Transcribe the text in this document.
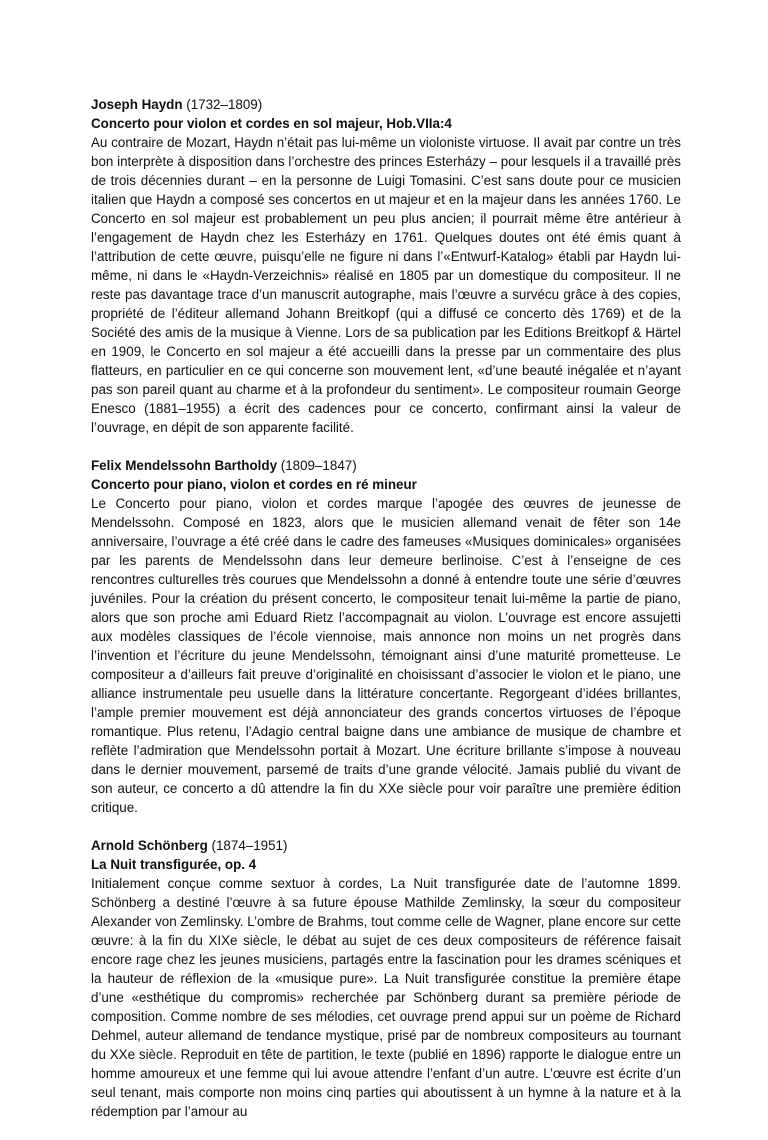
Joseph Haydn (1732–1809)

Concerto pour violon et cordes en sol majeur, Hob.VIIa:4

Au contraire de Mozart, Haydn n’était pas lui-même un violoniste virtuose. Il avait par contre un très bon interprète à disposition dans l’orchestre des princes Esterházy – pour lesquels il a travaillé près de trois décennies durant – en la personne de Luigi Tomasini. C’est sans doute pour ce musicien italien que Haydn a composé ses concertos en ut majeur et en la majeur dans les années 1760. Le Concerto en sol majeur est probablement un peu plus ancien; il pourrait même être antérieur à l’engagement de Haydn chez les Esterházy en 1761. Quelques doutes ont été émis quant à l’attribution de cette œuvre, puisqu’elle ne figure ni dans l’«Entwurf-Katalog» établi par Haydn lui-même, ni dans le «Haydn-Verzeichnis» réalisé en 1805 par un domestique du compositeur. Il ne reste pas davantage trace d’un manuscrit autographe, mais l’œuvre a survécu grâce à des copies, propriété de l’éditeur allemand Johann Breitkopf (qui a diffusé ce concerto dès 1769) et de la Société des amis de la musique à Vienne. Lors de sa publication par les Editions Breitkopf & Härtel en 1909, le Concerto en sol majeur a été accueilli dans la presse par un commentaire des plus flatteurs, en particulier en ce qui concerne son mouvement lent, «d’une beauté inégalée et n’ayant pas son pareil quant au charme et à la profondeur du sentiment». Le compositeur roumain George Enesco (1881–1955) a écrit des cadences pour ce concerto, confirmant ainsi la valeur de l’ouvrage, en dépit de son apparente facilité.

Felix Mendelssohn Bartholdy (1809–1847)

Concerto pour piano, violon et cordes en ré mineur

Le Concerto pour piano, violon et cordes marque l’apogée des œuvres de jeunesse de Mendelssohn. Composé en 1823, alors que le musicien allemand venait de fêter son 14e anniversaire, l’ouvrage a été créé dans le cadre des fameuses «Musiques dominicales» organisées par les parents de Mendelssohn dans leur demeure berlinoise. C’est à l’enseigne de ces rencontres culturelles très courues que Mendelssohn a donné à entendre toute une série d’œuvres juvéniles. Pour la création du présent concerto, le compositeur tenait lui-même la partie de piano, alors que son proche ami Eduard Rietz l’accompagnait au violon. L’ouvrage est encore assujetti aux modèles classiques de l’école viennoise, mais annonce non moins un net progrès dans l’invention et l’écriture du jeune Mendelssohn, témoignant ainsi d’une maturité prometteuse. Le compositeur a d’ailleurs fait preuve d’originalité en choisissant d’associer le violon et le piano, une alliance instrumentale peu usuelle dans la littérature concertante. Regorgeant d’idées brillantes, l’ample premier mouvement est déjà annonciateur des grands concertos virtuoses de l’époque romantique. Plus retenu, l’Adagio central baigne dans une ambiance de musique de chambre et reflète l’admiration que Mendelssohn portait à Mozart. Une écriture brillante s’impose à nouveau dans le dernier mouvement, parsemé de traits d’une grande vélocité. Jamais publié du vivant de son auteur, ce concerto a dû attendre la fin du XXe siècle pour voir paraître une première édition critique.

Arnold Schönberg (1874–1951)

La Nuit transfigurée, op. 4

Initialement conçue comme sextuor à cordes, La Nuit transfigurée date de l’automne 1899. Schönberg a destiné l’œuvre à sa future épouse Mathilde Zemlinsky, la sœur du compositeur Alexander von Zemlinsky. L’ombre de Brahms, tout comme celle de Wagner, plane encore sur cette œuvre: à la fin du XIXe siècle, le débat au sujet de ces deux compositeurs de référence faisait encore rage chez les jeunes musiciens, partagés entre la fascination pour les drames scéniques et la hauteur de réflexion de la «musique pure». La Nuit transfigurée constitue la première étape d’une «esthétique du compromis» recherchée par Schönberg durant sa première période de composition. Comme nombre de ses mélodies, cet ouvrage prend appui sur un poème de Richard Dehmel, auteur allemand de tendance mystique, prisé par de nombreux compositeurs au tournant du XXe siècle. Reproduit en tête de partition, le texte (publié en 1896) rapporte le dialogue entre un homme amoureux et une femme qui lui avoue attendre l’enfant d’un autre. L’œuvre est écrite d’un seul tenant, mais comporte non moins cinq parties qui aboutissent à un hymne à la nature et à la rédemption par l’amour au
